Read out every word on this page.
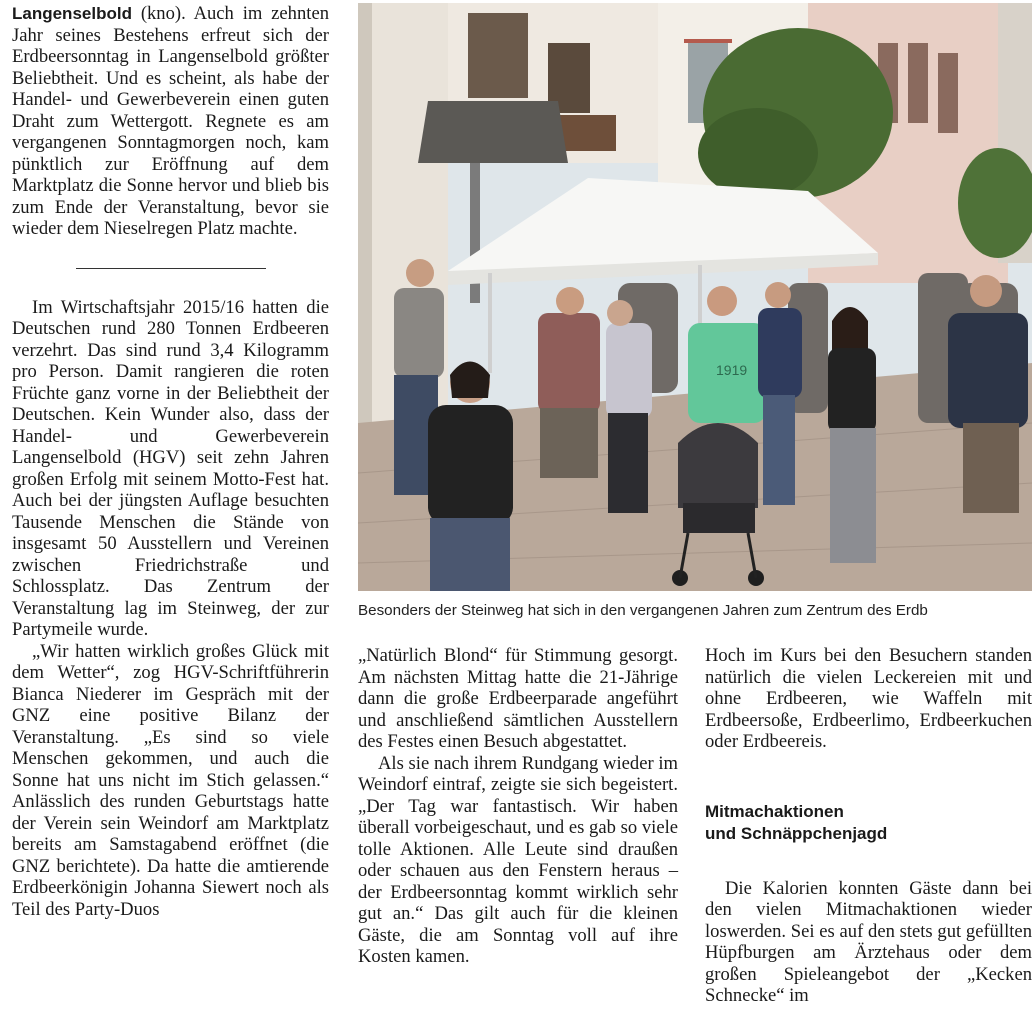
Langenselbold (kno). Auch im zehnten Jahr seines Bestehens erfreut sich der Erdbeersonntag in Langenselbold größter Beliebtheit. Und es scheint, als habe der Handel- und Gewerbeverein einen guten Draht zum Wettergott. Regnete es am vergangenen Sonntagmorgen noch, kam pünktlich zur Eröffnung auf dem Marktplatz die Sonne hervor und blieb bis zum Ende der Veranstaltung, bevor sie wieder dem Nieselregen Platz machte.

Im Wirtschaftsjahr 2015/16 hatten die Deutschen rund 280 Tonnen Erdbeeren verzehrt. Das sind rund 3,4 Kilogramm pro Person. Damit rangieren die roten Früchte ganz vorne in der Beliebtheit der Deutschen. Kein Wunder also, dass der Handel- und Gewerbeverein Langenselbold (HGV) seit zehn Jahren großen Erfolg mit seinem Motto-Fest hat. Auch bei der jüngsten Auflage besuchten Tausende Menschen die Stände von insgesamt 50 Ausstellern und Vereinen zwischen Friedrichstraße und Schlossplatz. Das Zentrum der Veranstaltung lag im Steinweg, der zur Partymeile wurde.

„Wir hatten wirklich großes Glück mit dem Wetter“, zog HGV-Schriftführerin Bianca Niederer im Gespräch mit der GNZ eine positive Bilanz der Veranstaltung. „Es sind so viele Menschen gekommen, und auch die Sonne hat uns nicht im Stich gelassen.“ Anlässlich des runden Geburtstags hatte der Verein sein Weindorf am Marktplatz bereits am Samstagabend eröffnet (die GNZ berichtete). Da hatte die amtierende Erdbeerkönigin Johanna Siewert noch als Teil des Party-Duos

1919
Besonders der Steinweg hat sich in den vergangenen Jahren zum Zentrum des Erdb

„Natürlich Blond“ für Stimmung gesorgt. Am nächsten Mittag hatte die 21-Jährige dann die große Erdbeerparade angeführt und anschließend sämtlichen Ausstellern des Festes einen Besuch abgestattet.

Als sie nach ihrem Rundgang wieder im Weindorf eintraf, zeigte sie sich begeistert. „Der Tag war fantastisch. Wir haben überall vorbeigeschaut, und es gab so viele tolle Aktionen. Alle Leute sind draußen oder schauen aus den Fenstern heraus – der Erdbeersonntag kommt wirklich sehr gut an.“ Das gilt auch für die kleinen Gäste, die am Sonntag voll auf ihre Kosten kamen.

Hoch im Kurs bei den Besuchern standen natürlich die vielen Leckereien mit und ohne Erdbeeren, wie Waffeln mit Erdbeersoße, Erdbeerlimo, Erdbeerkuchen oder Erdbeereis.

Mitmachaktionen

und Schnäppchenjagd

Die Kalorien konnten Gäste dann bei den vielen Mitmachaktionen wieder loswerden. Sei es auf den stets gut gefüllten Hüpfburgen am Ärztehaus oder dem großen Spieleangebot der „Kecken Schnecke“ im
